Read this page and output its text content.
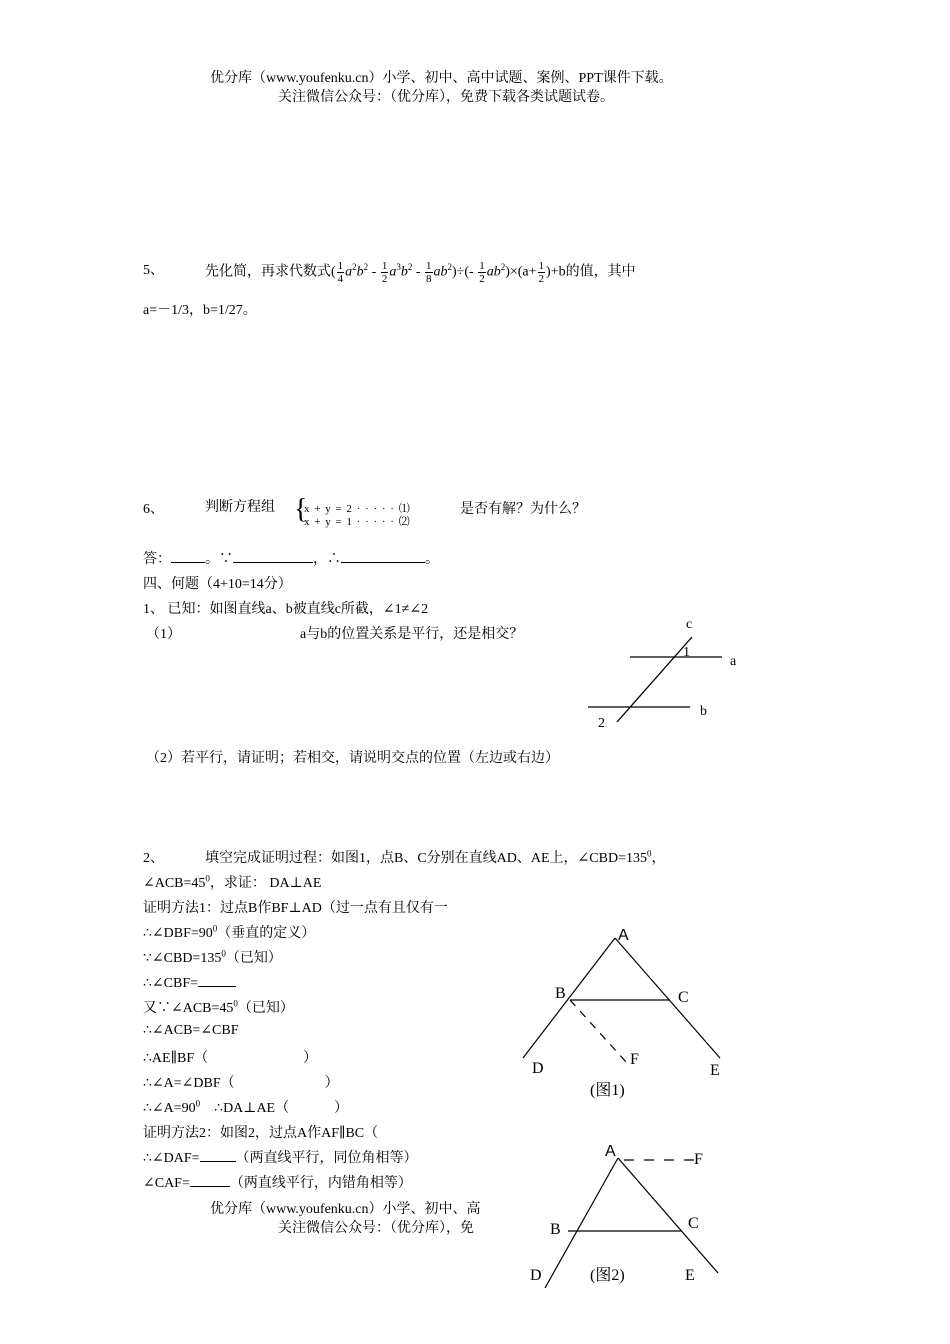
优分库（www.youfenku.cn）小学、初中、高中试题、案例、PPT课件下载。
关注微信公众号：（优分库），免费下载各类试题试卷。
5、	先化简，再求代数式( $\frac{1}{4} a^2b^2 - \frac{1}{2} a^3b^2 - \frac{1}{8} ab^2)\div(- \frac{1}{2} ab^2)\times(a+ \frac{1}{2} )+b$的值，其中
a=－1/3，b=1/27。
6、	判断方程组 {
x + y = 2 · · · · · ⑴
x + y = 1 · · · · · ⑵
是否有解？为什么？
答： 。∵	，∴	。
四、何题（4+10=14分）
1、 已知：如图直线a、b被直线c所截，∠1≠∠2
（1）	a与b的位置关系是平行，还是相交？
c
1
a
b
2
（2）若平行，请证明；若相交，请说明交点的位置（左边或右边）
2、	填空完成证明过程：如图1，点B、C分别在直线AD、AE上，$\angle CBD=135^0$，
$\angle ACB=45^0$，求证： DA⊥AE
证明方法1：过点B作BF⊥AD（过一点有且仅有一
$\therefore\angle DBF=90^0$（垂直的定义）
$\because\angle CBD=135^0$（已知）
∴∠CBF=
又$\because\angle ACB=45^0$（已知）
∴∠ACB=∠CBF
∴AE∥BF（	）
∴∠A=∠DBF（	）
$\therefore\angle A=90^0$ ∴DA⊥AE（	）
证明方法2：如图2，过点A作AF∥BC（
∴∠DAF=	（两直线平行，同位角相等）
∠CAF=	（两直线平行，内错角相等）
优分库（www.youfenku.cn）小学、初中、高
关注微信公众号：（优分库），免
A
B	C
D	E
F
(图1)
A
B	C
D	E
F
(图2)
